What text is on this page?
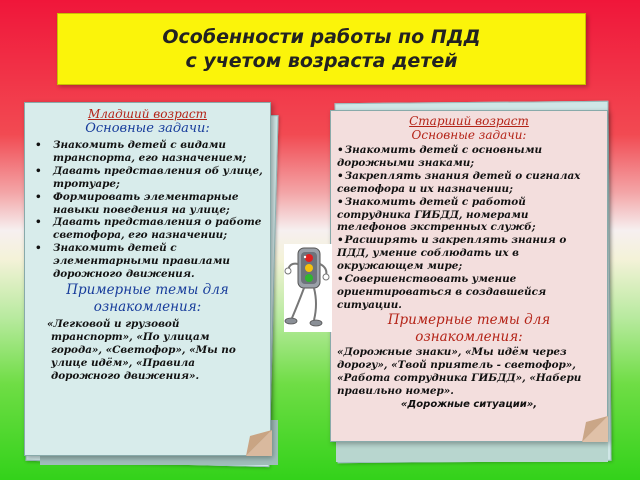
Особенности работы по ПДД
с учетом возраста детей
Младший возраст
Основные задачи:
• Знакомить детей с видами транспорта, его назначением;
• Давать представления об улице, тротуаре;
• Формировать элементарные навыки поведения на улице;
• Давать представления о работе светофора, его назначении;
• Знакомить детей с элементарными правилами дорожного движения.
Примерные темы для
ознакомления:
«Легковой и грузовой транспорт», «По улицам города», «Светофор», «Мы по улице идём», «Правила дорожного движения».
Старший возраст
Основные задачи:
• Знакомить детей с основными дорожными знаками;
• Закреплять знания детей о сигналах светофора и их назначении;
• Знакомить детей с работой сотрудника ГИБДД, номерами телефонов экстренных служб;
• Расширять и закреплять знания о ПДД, умение соблюдать их в окружающем мире;
• Совершенствовать умение ориентироваться в создавшейся ситуации.
Примерные темы для
ознакомления:
«Дорожные знаки», «Мы идём через дорогу», «Твой приятель - светофор», «Работа сотрудника ГИБДД», «Набери правильно номер».
«Дорожные ситуации»,
